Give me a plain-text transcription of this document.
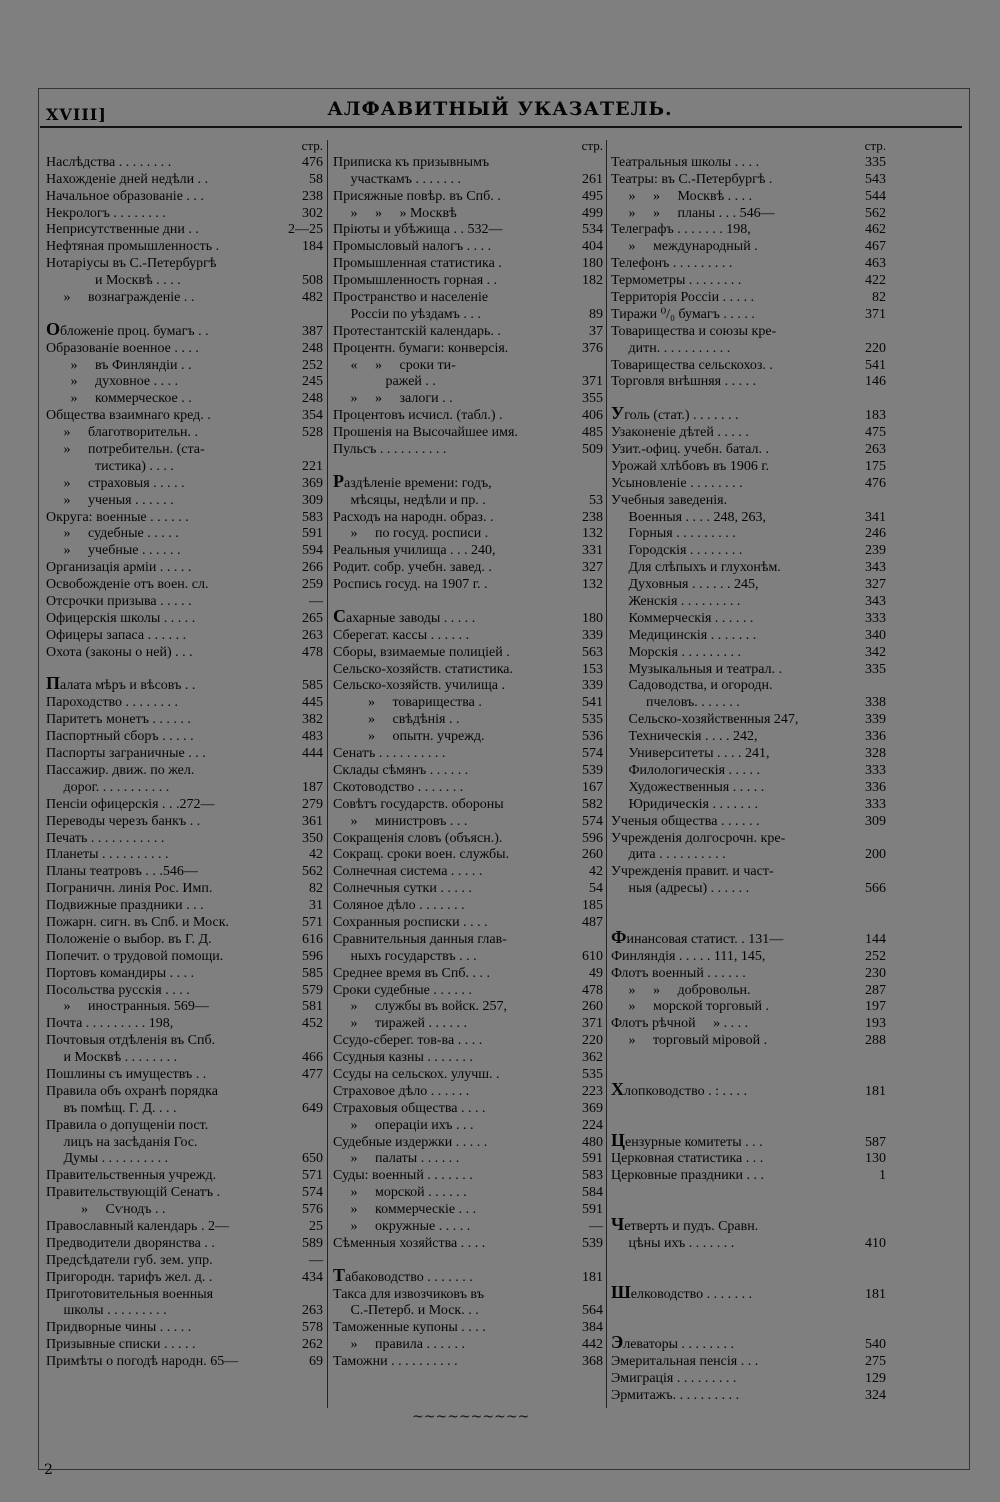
XVIII]	АЛФАВИТНЫЙ УКАЗАТЕЛЬ.
стр.
Наслѣдства . . . . . . . .	476
Нахожденіе дней недѣли . .	58
Начальное образованіе . . .	238
Некрологъ . . . . . . . .	302
Неприсутственные дни . .	2—25
Нефтяная промышленность .	184
Нотаріусы въ С.-Петербургѣ
и Москвѣ . . . .	508
»     вознагражденіе . .	482
Обложеніе проц. бумагъ . .	387
Образованіе военное . . . .	248
»     въ Финляндіи . .	252
»     духовное . . . .	245
»     коммерческое . .	248
Общества взаимнаго кред. .	354
»     благотворительн. .	528
»     потребительн. (ста-
тистика) . . . .	221
»     страховыя . . . . .	369
»     ученыя . . . . . .	309
Округа: военные . . . . . .	583
»     судебные . . . . .	591
»     учебные . . . . . .	594
Организація арміи . . . . .	266
Освобожденіе отъ воен. сл.	259
Отсрочки призыва . . . . .	—
Офицерскія школы . . . . .	265
Офицеры запаса . . . . . .	263
Охота (законы о ней) . . .	478
Палата мѣръ и вѣсовъ . .	585
Пароходство . . . . . . . .	445
Паритетъ монетъ . . . . . .	382
Паспортный сборъ . . . . .	483
Паспорты заграничные . . .	444
Пассажир. движ. по жел.
дорог. . . . . . . . . . .	187
Пенсіи офицерскія . . .272—	279
Переводы черезъ банкъ . .	361
Печать . . . . . . . . . . .	350
Планеты . . . . . . . . . .	42
Планы театровъ . . .546—	562
Пограничн. линія Рос. Имп.	82
Подвижные праздники . . .	31
Пожарн. сигн. въ Спб. и Моск.	571
Положеніе о выбор. въ Г. Д.	616
Попечит. о трудовой помощи.	596
Портовъ командиры . . . .	585
Посольства русскія . . . .	579
»     иностранныя. 569—	581
Почта . . . . . . . . . 198,	452
Почтовыя отдѣленія въ Спб.
и Москвѣ . . . . . . . .	466
Пошлины съ имуществъ . .	477
Правила объ охранѣ порядка
въ помѣщ. Г. Д. . . .	649
Правила о допущеніи пост.
лицъ на засѣданія Гос.
Думы . . . . . . . . . .	650
Правительственныя учрежд.	571
Правительствующій Сенатъ .	574
»     Сѵнодъ . .	576
Православный календарь . 2—	25
Предводители дворянства . .	589
Предсѣдатели губ. зем. упр.	—
Пригородн. тарифъ жел. д. .	434
Приготовительныя военныя
школы . . . . . . . . .	263
Придворные чины . . . . .	578
Призывные списки . . . . .	262
Примѣты о погодѣ народн. 65—	69
стр.
Приписка къ призывнымъ
участкамъ . . . . . . .	261
Присяжные повѣр. въ Спб. .	495
»     »     » Москвѣ	499
Пріюты и убѣжища . . 532—	534
Промысловый налогъ . . . .	404
Промышленная статистика .	180
Промышленность горная . .	182
Пространство и населеніе
Россіи по уѣздамъ . . .	89
Протестантскій календарь. .	37
Процентн. бумаги: конверсія.	376
«     »     сроки ти-
ражей . .	371
»     »     залоги . .	355
Процентовъ исчисл. (табл.) .	406
Прошенія на Высочайшее имя.	485
Пульсъ . . . . . . . . . .	509
Раздѣленіе времени: годъ,
мѣсяцы, недѣли и пр. .	53
Расходъ на народн. образ. .	238
»     по госуд. росписи .	132
Реальныя училища . . . 240,	331
Родит. собр. учебн. завед. .	327
Роспись госуд. на 1907 г. .	132
Сахарные заводы . . . . .	180
Сберегат. кассы . . . . . .	339
Сборы, взимаемые полиціей .	563
Сельско-хозяйств. статистика.	153
Сельско-хозяйств. училища .	339
»     товарищества .	541
»     свѣдѣнія . .	535
»     опытн. учрежд.	536
Сенатъ . . . . . . . . . .	574
Склады сѣмянъ . . . . . .	539
Скотоводство . . . . . . .	167
Совѣтъ государств. обороны	582
»     министровъ . . .	574
Сокращенія словъ (объясн.).	596
Сокращ. сроки воен. службы.	260
Солнечная система . . . . .	42
Солнечныя сутки . . . . .	54
Соляное дѣло . . . . . . .	185
Сохранныя росписки . . . .	487
Сравнительныя данныя глав-
ныхъ государствъ . . .	610
Среднее время въ Спб. . . .	49
Сроки судебные . . . . . .	478
»     службы въ войск. 257,	260
»     тиражей . . . . . .	371
Ссудо-сберег. тов-ва . . . .	220
Ссудныя казны . . . . . . .	362
Ссуды на сельскох. улучш. .	535
Страховое дѣло . . . . . .	223
Страховыя общества . . . .	369
»     операціи ихъ . . .	224
Судебные издержки . . . . .	480
»     палаты . . . . . .	591
Суды: военный . . . . . . .	583
»     морской . . . . . .	584
»     коммерческіе . . .	591
»     окружные . . . . .	—
Сѣменныя хозяйства . . . .	539
Табаководство . . . . . . .	181
Такса для извозчиковъ въ
С.-Петерб. и Моск. . .	564
Таможенные купоны . . . .	384
»     правила . . . . . .	442
Таможни . . . . . . . . . .	368
стр.
Театральныя школы . . . .	335
Театры: въ С.-Петербургѣ .	543
»     »     Москвѣ . . . .	544
»     »     планы . . . 546—	562
Телеграфъ . . . . . . . 198,	462
»     международный .	467
Телефонъ . . . . . . . . .	463
Термометры . . . . . . . .	422
Территорія Россіи . . . . .	82
Тиражи ⁰/₀ бумагъ . . . . .	371
Товарищества и союзы кре-
дитн. . . . . . . . . . .	220
Товарищества сельскохоз. .	541
Торговля внѣшняя . . . . .	146
Уголь (стат.) . . . . . . .	183
Узаконеніе дѣтей . . . . .	475
Узит.-офиц. учебн. батал. .	263
Урожай хлѣбовъ въ 1906 г.	175
Усыновленіе . . . . . . . .	476
Учебныя заведенія.
Военныя . . . . 248, 263,	341
Горныя . . . . . . . . .	246
Городскія . . . . . . . .	239
Для слѣпыхъ и глухонѣм.	343
Духовныя . . . . . . 245,	327
Женскія . . . . . . . . .	343
Коммерческія . . . . . .	333
Медицинскія . . . . . . .	340
Морскія . . . . . . . . .	342
Музыкальныя и театрал. .	335
Садоводства, и огородн.
пчеловъ. . . . . . .	338
Сельско-хозяйственныя 247,	339
Техническія . . . . 242,	336
Университеты . . . . 241,	328
Филологическія . . . . .	333
Художественныя . . . . .	336
Юридическія . . . . . . .	333
Ученыя общества . . . . . .	309
Учрежденія долгосрочн. кре-
дита . . . . . . . . . .	200
Учрежденія правит. и част-
ныя (адресы) . . . . . .	566
Финансовая статист. . 131—	144
Финляндія . . . . . 111, 145,	252
Флотъ военный . . . . . .	230
»     »     добровольн.	287
»     морской торговый .	197
Флотъ рѣчной     » . . . .	193
»     торговый міровой .	288
Хлопководство . : . . . .	181
Цензурные комитеты . . .	587
Церковная статистика . . .	130
Церковные праздники . . .	1
Четверть и пудъ. Сравн.
цѣны ихъ . . . . . . .	410
Шелководство . . . . . . .	181
Элеваторы . . . . . . . .	540
Эмеритальная пенсія . . .	275
Эмиграція . . . . . . . . .	129
Эрмитажъ. . . . . . . . . .	324
~~~~~~~~~~
2
